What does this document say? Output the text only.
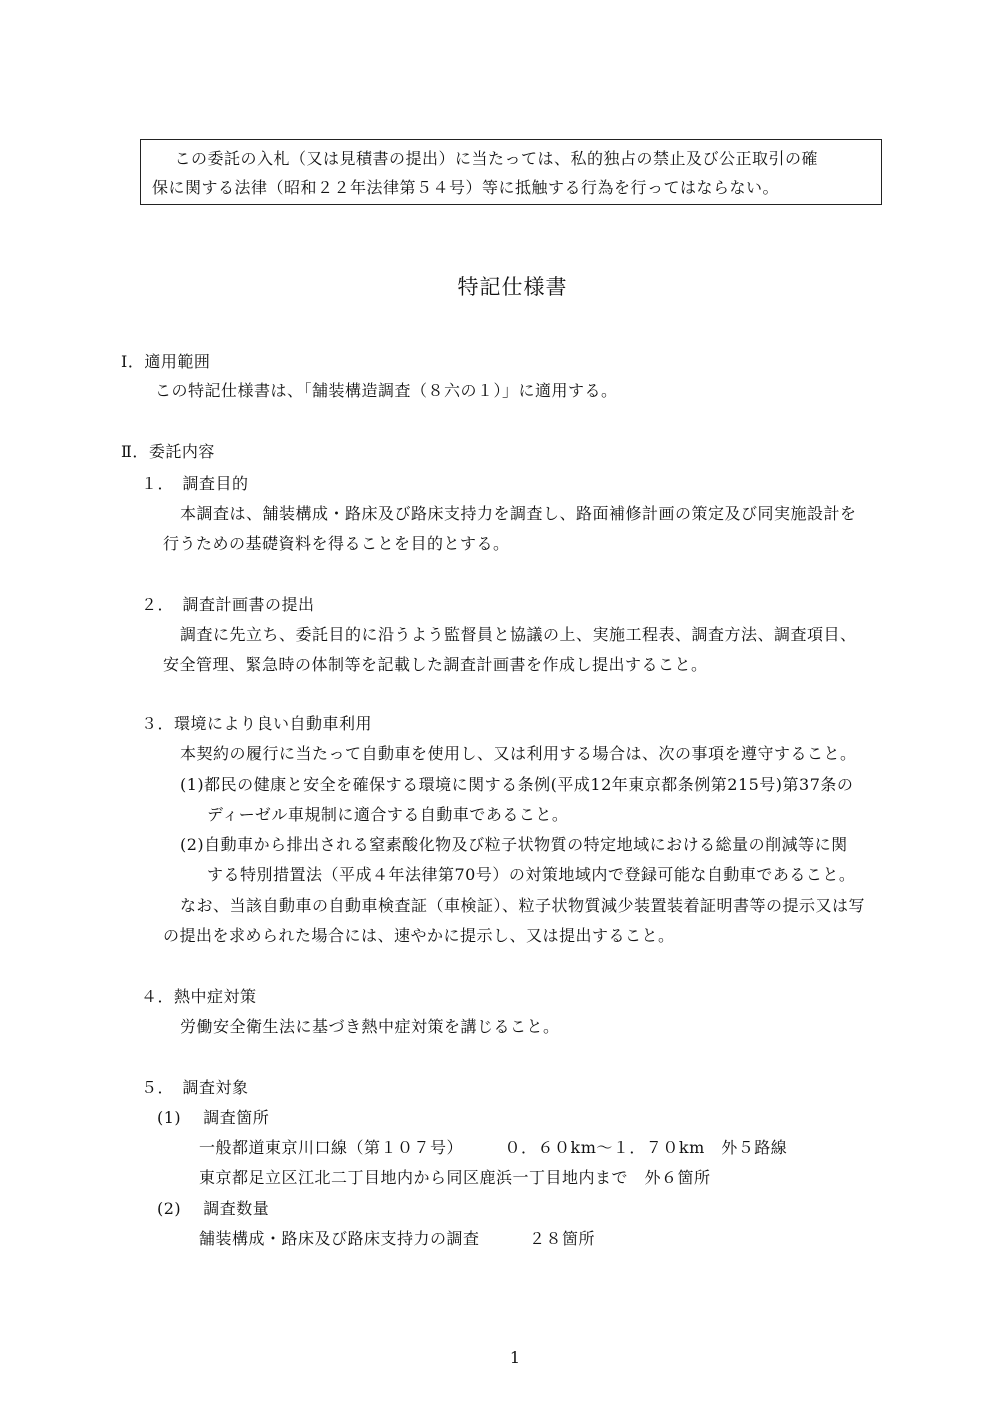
　この委託の入札（又は見積書の提出）に当たっては、私的独占の禁止及び公正取引の確
保に関する法律（昭和２２年法律第５４号）等に抵触する行為を行ってはならない。
特記仕様書
Ⅰ．適用範囲
この特記仕様書は、「舗装構造調査（８六の１）」に適用する。
Ⅱ．委託内容
１．　調査目的
本調査は、舗装構成・路床及び路床支持力を調査し、路面補修計画の策定及び同実施設計を
行うための基礎資料を得ることを目的とする。
２．　調査計画書の提出
調査に先立ち、委託目的に沿うよう監督員と協議の上、実施工程表、調査方法、調査項目、
安全管理、緊急時の体制等を記載した調査計画書を作成し提出すること。
３．環境により良い自動車利用
本契約の履行に当たって自動車を使用し、又は利用する場合は、次の事項を遵守すること。
(1)都民の健康と安全を確保する環境に関する条例(平成12年東京都条例第215号)第37条の
ディーゼル車規制に適合する自動車であること。
(2)自動車から排出される窒素酸化物及び粒子状物質の特定地域における総量の削減等に関
する特別措置法（平成４年法律第70号）の対策地域内で登録可能な自動車であること。
なお、当該自動車の自動車検査証（車検証）、粒子状物質減少装置装着証明書等の提示又は写
の提出を求められた場合には、速やかに提示し、又は提出すること。
４．熱中症対策
労働安全衛生法に基づき熱中症対策を講じること。
５．　調査対象
(1)　 調査箇所
一般都道東京川口線（第１０７号）　　　０．６０km～１．７０km　外５路線
東京都足立区江北二丁目地内から同区鹿浜一丁目地内まで　外６箇所
(2)　 調査数量
舗装構成・路床及び路床支持力の調査　　　２８箇所
1
